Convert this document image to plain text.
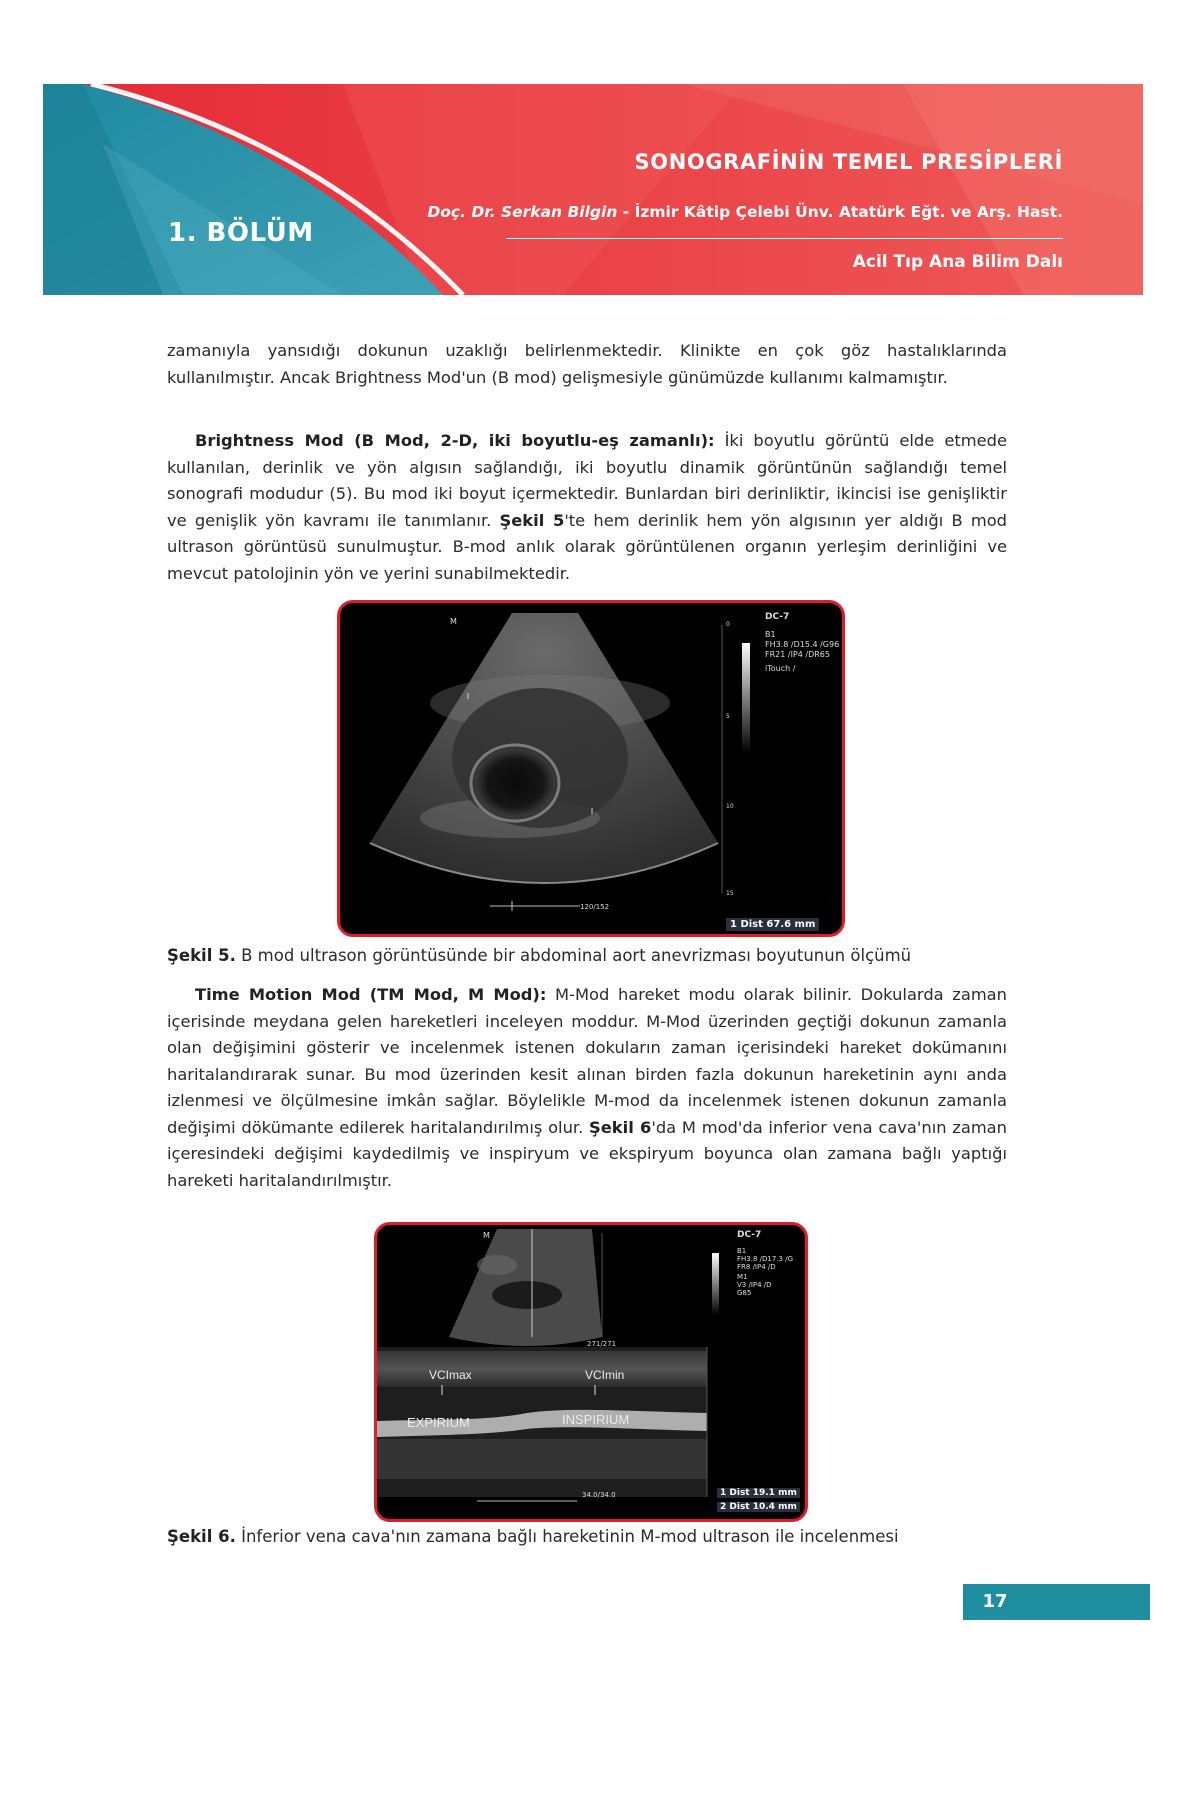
1. BÖLÜM
SONOGRAFİNİN TEMEL PRESİPLERİ
Doç. Dr. Serkan Bilgin - İzmir Kâtip Çelebi Ünv. Atatürk Eğt. ve Arş. Hast.
Acil Tıp Ana Bilim Dalı

zamanıyla yansıdığı dokunun uzaklığı belirlenmektedir. Klinikte en çok göz hastalıklarında kullanılmıştır. Ancak Brightness Mod'un (B mod) gelişmesiyle günümüzde kullanımı kalmamıştır.

Brightness Mod (B Mod, 2-D, iki boyutlu-eş zamanlı): İki boyutlu görüntü elde etmede kullanılan, derinlik ve yön algısın sağlandığı, iki boyutlu dinamik görüntünün sağlandığı temel sonografi modudur (5). Bu mod iki boyut içermektedir. Bunlardan biri derinliktir, ikincisi ise genişliktir ve genişlik yön kavramı ile tanımlanır. Şekil 5'te hem derinlik hem yön algısının yer aldığı B mod ultrason görüntüsü sunulmuştur. B-mod anlık olarak görüntülenen organın yerleşim derinliğini ve mevcut patolojinin yön ve yerini sunabilmektedir.

M	DC-7
B1
FH3.8 /D15.4 /G96
FR21 /IP4 /DR65
iTouch /
0
5
10
15
120/152
1 Dist 67.6 mm
Şekil 5. B mod ultrason görüntüsünde bir abdominal aort anevrizması boyutunun ölçümü

Time Motion Mod (TM Mod, M Mod): M-Mod hareket modu olarak bilinir. Dokularda zaman içerisinde meydana gelen hareketleri inceleyen moddur. M-Mod üzerinden geçtiği dokunun zamanla olan değişimini gösterir ve incelenmek istenen dokuların zaman içerisindeki hareket dokümanını haritalandırarak sunar. Bu mod üzerinden kesit alınan birden fazla dokunun hareketinin aynı anda izlenmesi ve ölçülmesine imkân sağlar. Böylelikle M-mod da incelenmek istenen dokunun zamanla değişimi dökümante edilerek haritalandırılmış olur. Şekil 6'da M mod'da inferior vena cava'nın zaman içeresindeki değişimi kaydedilmiş ve inspiryum ve ekspiryum boyunca olan zamana bağlı yaptığı hareketi haritalandırılmıştır.

M	DC-7
B1
FH3.8 /D17.3 /G
FR8 /IP4 /D
M1
V3 /IP4 /D
G85
271/271
VCImax	VCImin
EXPIRIUM	INSPIRIUM
34.0/34.0	1 Dist 19.1 mm
2 Dist 10.4 mm
Şekil 6. İnferior vena cava'nın zamana bağlı hareketinin M-mod ultrason ile incelenmesi
17
